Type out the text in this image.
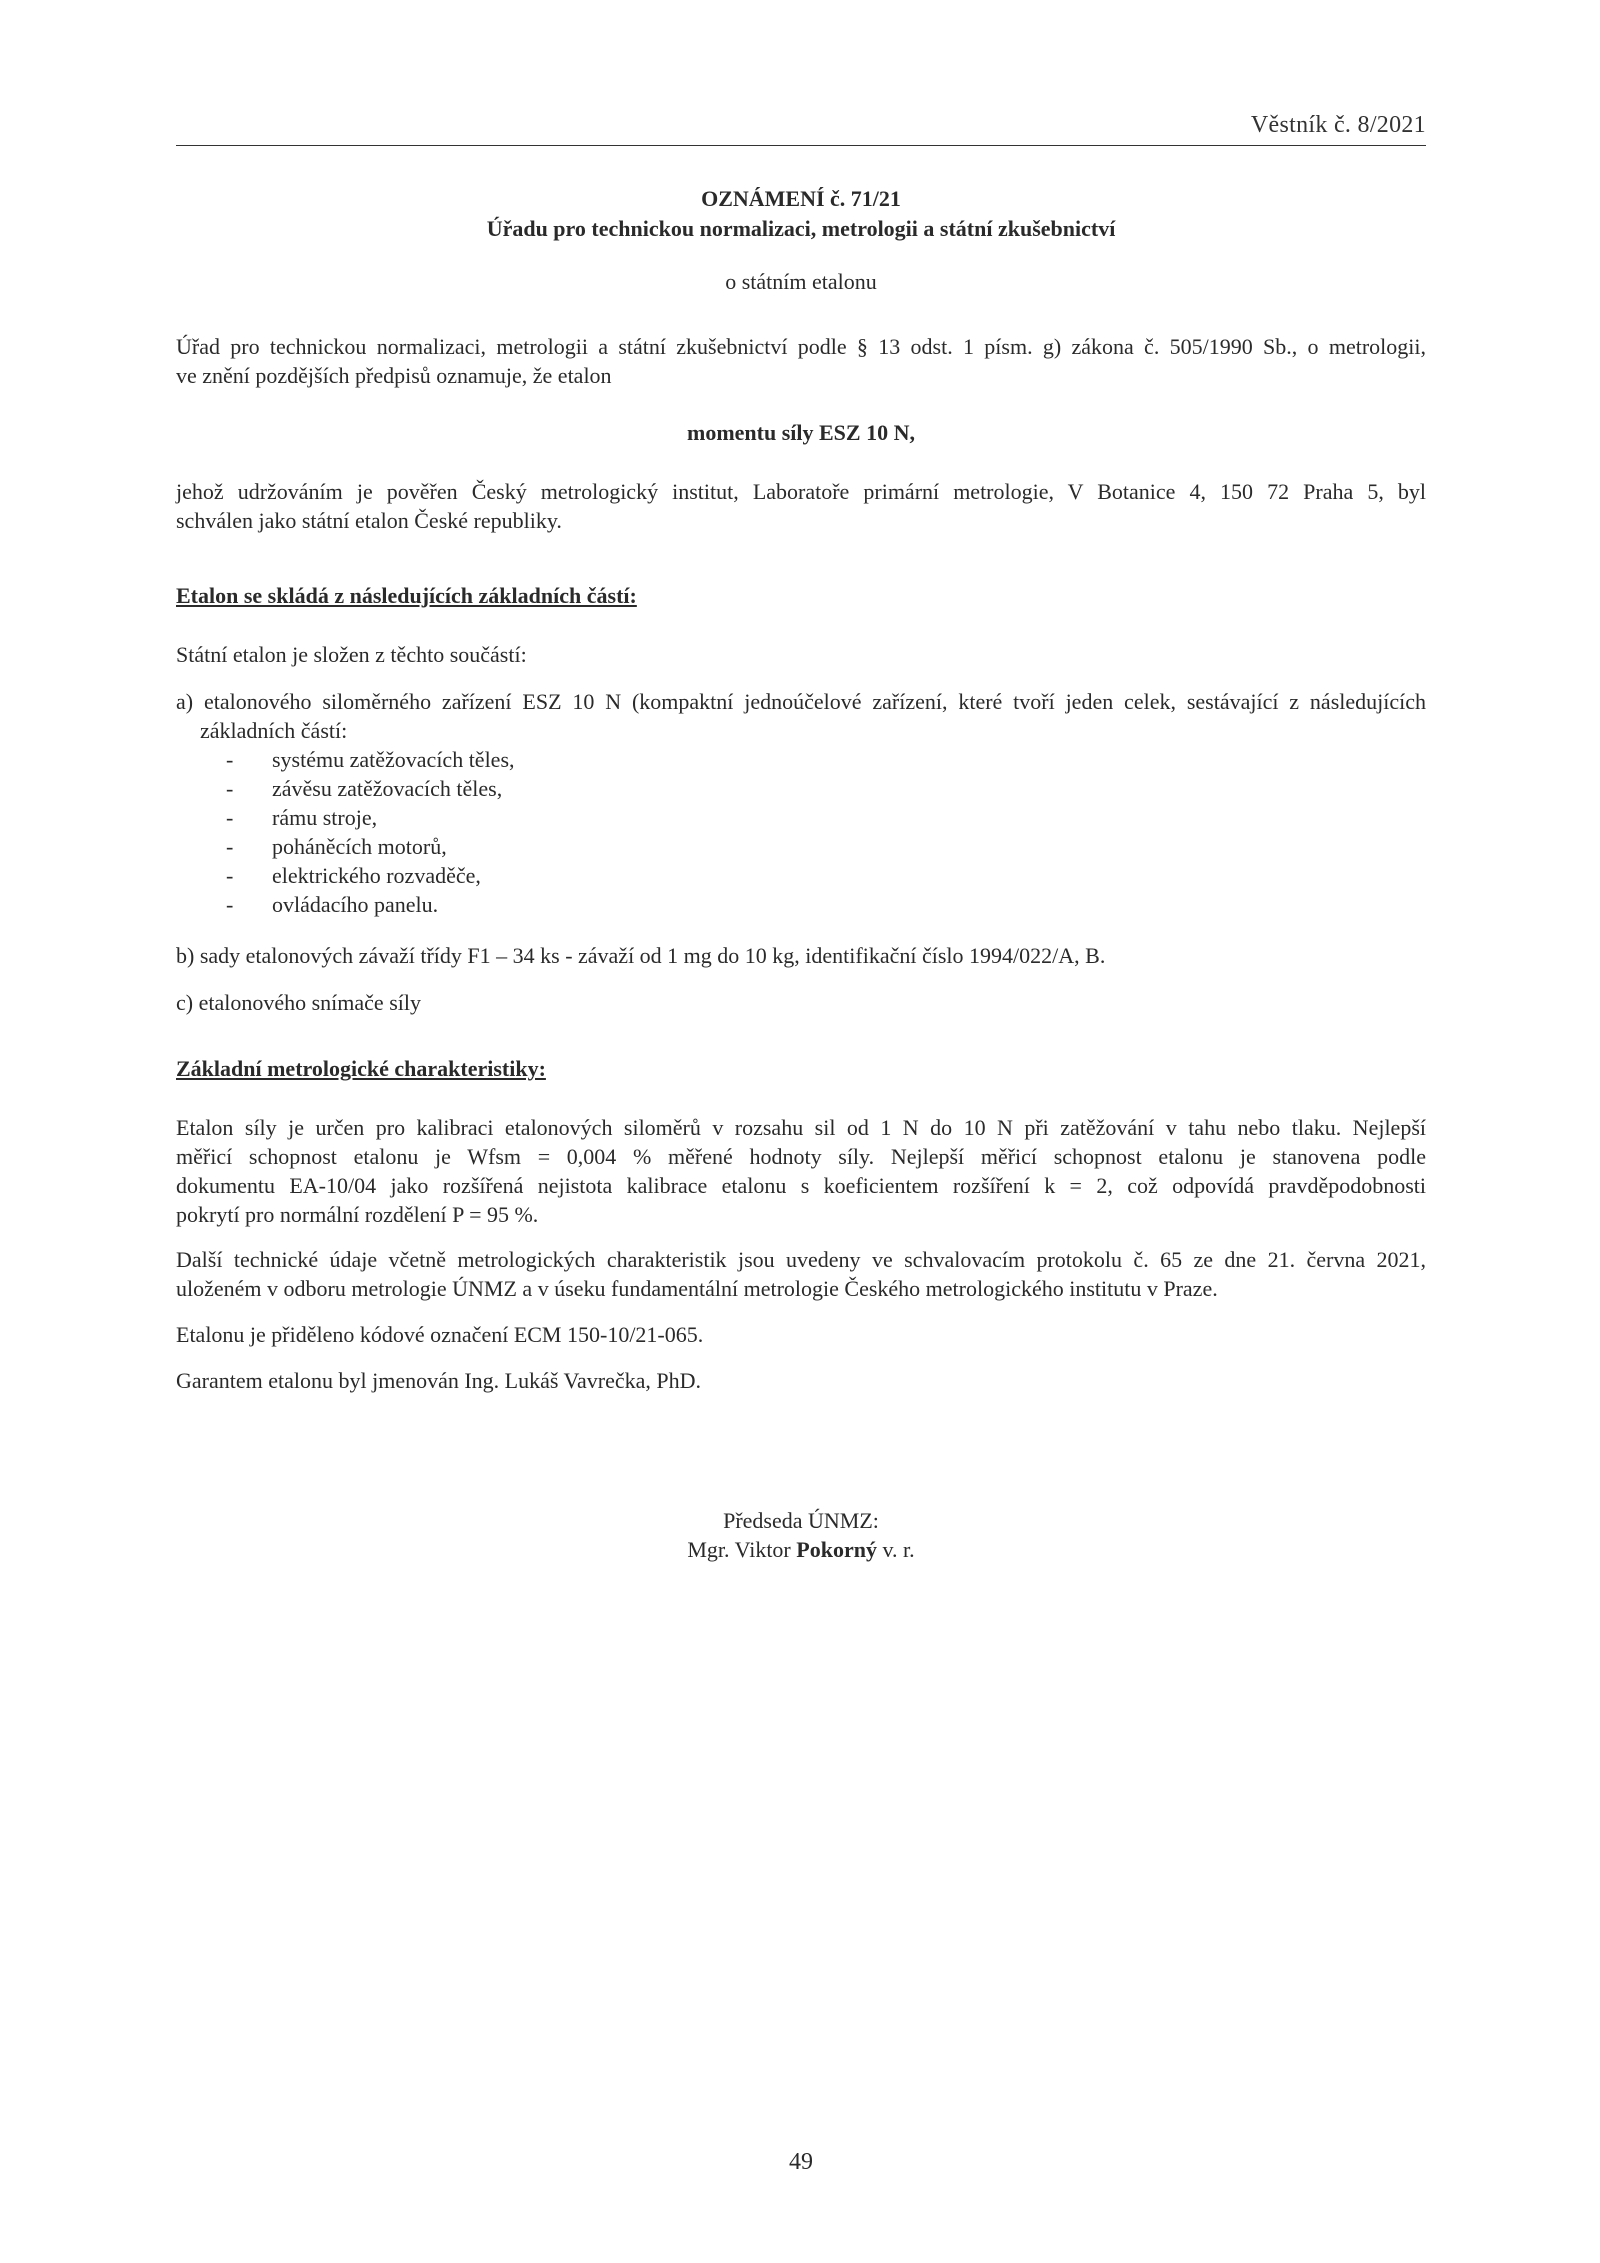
Věstník č. 8/2021
OZNÁMENÍ č. 71/21
Úřadu pro technickou normalizaci, metrologii a státní zkušebnictví
o státním etalonu
Úřad pro technickou normalizaci, metrologii a státní zkušebnictví podle § 13 odst. 1 písm. g) zákona č. 505/1990 Sb., o metrologii,
ve znění pozdějších předpisů oznamuje, že etalon
momentu síly ESZ 10 N,
jehož udržováním je pověřen Český metrologický institut, Laboratoře primární metrologie, V Botanice 4, 150 72 Praha 5, byl
schválen jako státní etalon České republiky.
Etalon se skládá z následujících základních částí:
Státní etalon je složen z těchto součástí:
a) etalonového siloměrného zařízení ESZ 10 N (kompaktní jednoúčelové zařízení, které tvoří jeden celek, sestávající z následujících
základních částí:
- systému zatěžovacích těles,
- závěsu zatěžovacích těles,
- rámu stroje,
- poháněcích motorů,
- elektrického rozvaděče,
- ovládacího panelu.
b) sady etalonových závaží třídy F1 – 34 ks - závaží od 1 mg do 10 kg, identifikační číslo 1994/022/A, B.
c) etalonového snímače síly
Základní metrologické charakteristiky:
Etalon síly je určen pro kalibraci etalonových siloměrů v rozsahu sil od 1 N do 10 N při zatěžování v tahu nebo tlaku. Nejlepší
měřicí schopnost etalonu je Wfsm = 0,004 % měřené hodnoty síly. Nejlepší měřicí schopnost etalonu je stanovena podle
dokumentu EA-10/04 jako rozšířená nejistota kalibrace etalonu s koeficientem rozšíření k = 2, což odpovídá pravděpodobnosti
pokrytí pro normální rozdělení P = 95 %.
Další technické údaje včetně metrologických charakteristik jsou uvedeny ve schvalovacím protokolu č. 65 ze dne 21. června 2021,
uloženém v odboru metrologie ÚNMZ a v úseku fundamentální metrologie Českého metrologického institutu v Praze.
Etalonu je přiděleno kódové označení ECM 150-10/21-065.
Garantem etalonu byl jmenován Ing. Lukáš Vavrečka, PhD.
Předseda ÚNMZ:
Mgr. Viktor Pokorný v. r.
49
